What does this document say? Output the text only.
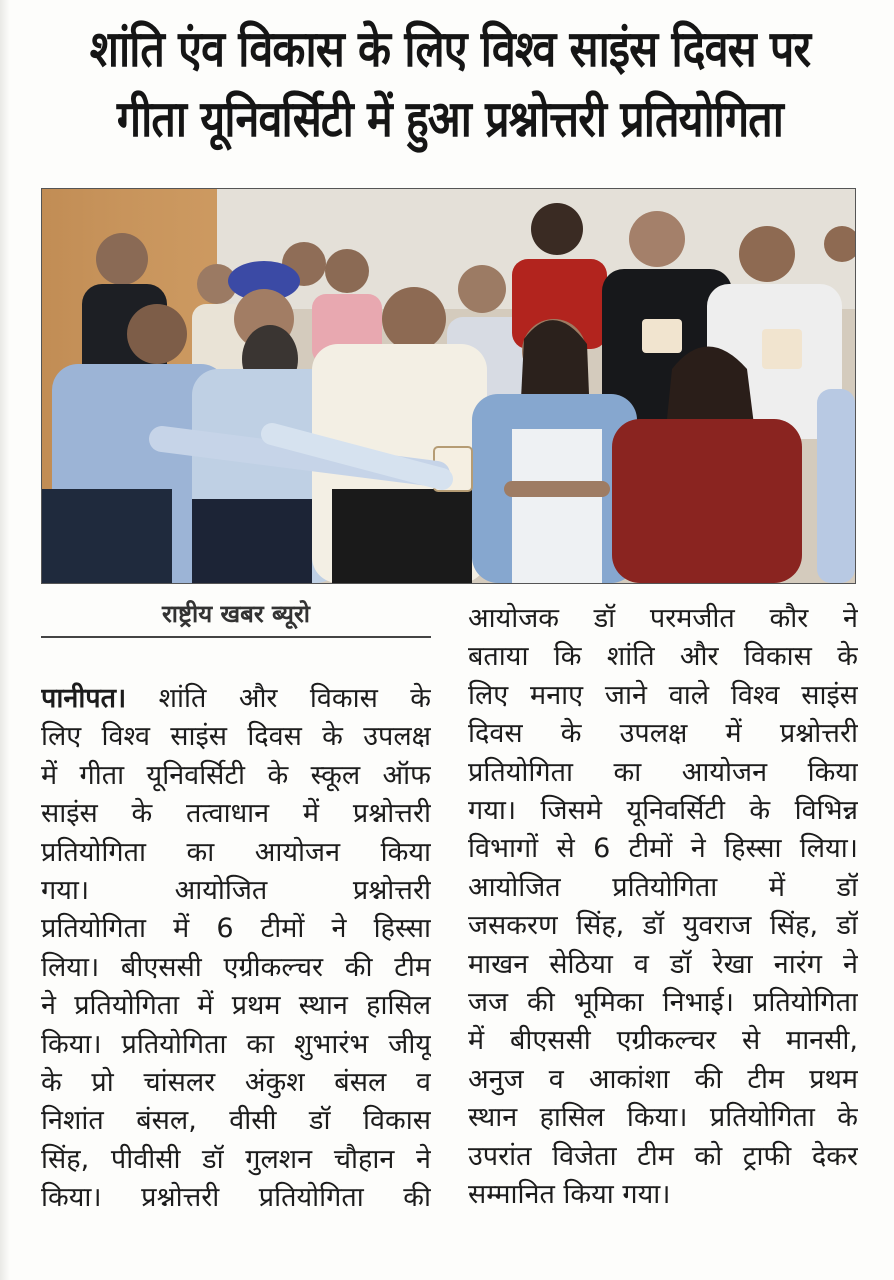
शांति एंव विकास के लिए विश्व साइंस दिवस पर
गीता यूनिवर्सिटी में हुआ प्रश्नोत्तरी प्रतियोगिता
राष्ट्रीय खबर ब्यूरो
पानीपत। शांति और विकास के
लिए विश्व साइंस दिवस के उपलक्ष
में गीता यूनिवर्सिटी के स्कूल ऑफ
साइंस के तत्वाधान में प्रश्नोत्तरी
प्रतियोगिता का आयोजन किया
गया। आयोजित प्रश्नोत्तरी
प्रतियोगिता में 6 टीमों ने हिस्सा
लिया। बीएससी एग्रीकल्चर की टीम
ने प्रतियोगिता में प्रथम स्थान हासिल
किया। प्रतियोगिता का शुभारंभ जीयू
के प्रो चांसलर अंकुश बंसल व
निशांत बंसल, वीसी डॉ विकास
सिंह, पीवीसी डॉ गुलशन चौहान ने
किया। प्रश्नोत्तरी प्रतियोगिता की
आयोजक डॉ परमजीत कौर ने
बताया कि शांति और विकास के
लिए मनाए जाने वाले विश्व साइंस
दिवस के उपलक्ष में प्रश्नोत्तरी
प्रतियोगिता का आयोजन किया
गया। जिसमे यूनिवर्सिटी के विभिन्न
विभागों से 6 टीमों ने हिस्सा लिया।
आयोजित प्रतियोगिता में डॉ
जसकरण सिंह, डॉ युवराज सिंह, डॉ
माखन सेठिया व डॉ रेखा नारंग ने
जज की भूमिका निभाई। प्रतियोगिता
में बीएससी एग्रीकल्चर से मानसी,
अनुज व आकांशा की टीम प्रथम
स्थान हासिल किया। प्रतियोगिता के
उपरांत विजेता टीम को ट्राफी देकर
सम्मानित किया गया।
